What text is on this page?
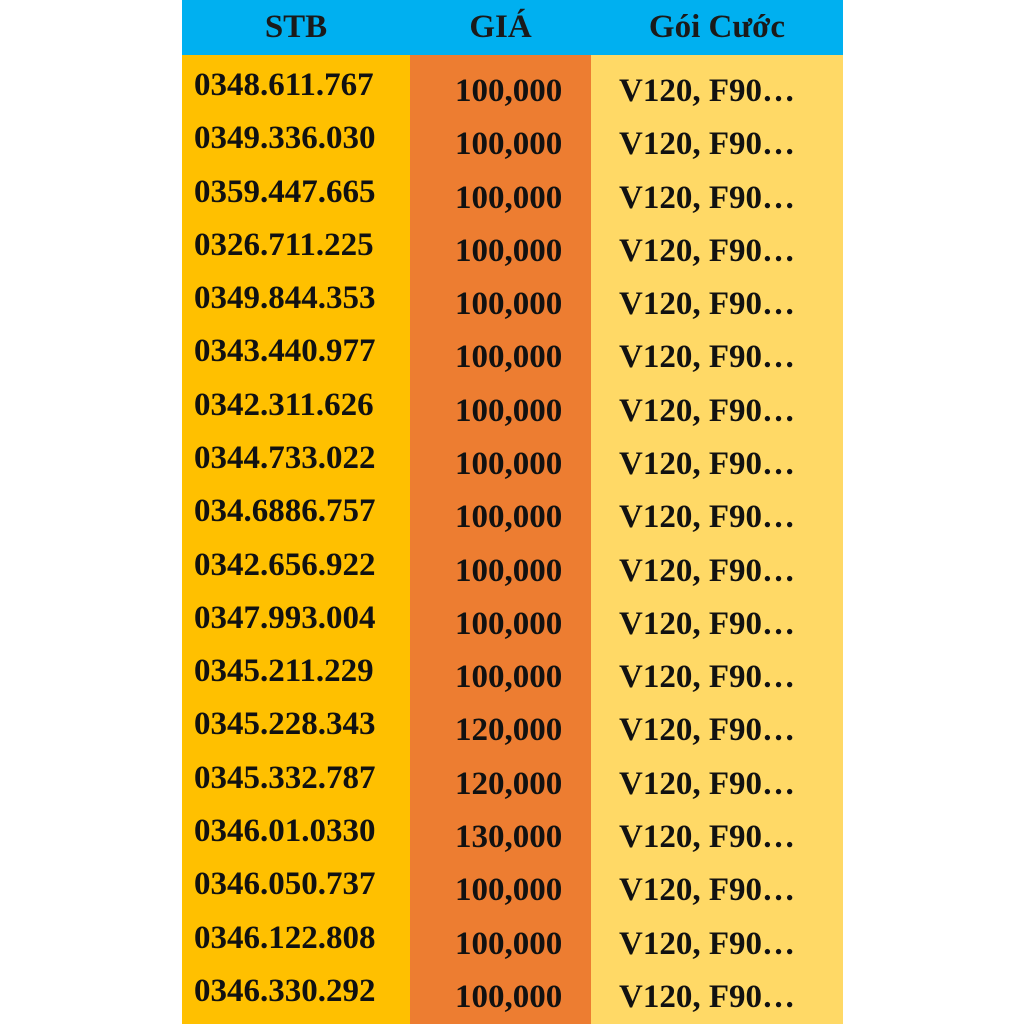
STB	GIÁ	Gói Cước
0348.611.767
0349.336.030
0359.447.665
0326.711.225
0349.844.353
0343.440.977
0342.311.626
0344.733.022
034.6886.757
0342.656.922
0347.993.004
0345.211.229
0345.228.343
0345.332.787
0346.01.0330
0346.050.737
0346.122.808
0346.330.292
100,000
100,000
100,000
100,000
100,000
100,000
100,000
100,000
100,000
100,000
100,000
100,000
120,000
120,000
130,000
100,000
100,000
100,000
V120, F90…
V120, F90…
V120, F90…
V120, F90…
V120, F90…
V120, F90…
V120, F90…
V120, F90…
V120, F90…
V120, F90…
V120, F90…
V120, F90…
V120, F90…
V120, F90…
V120, F90…
V120, F90…
V120, F90…
V120, F90…
